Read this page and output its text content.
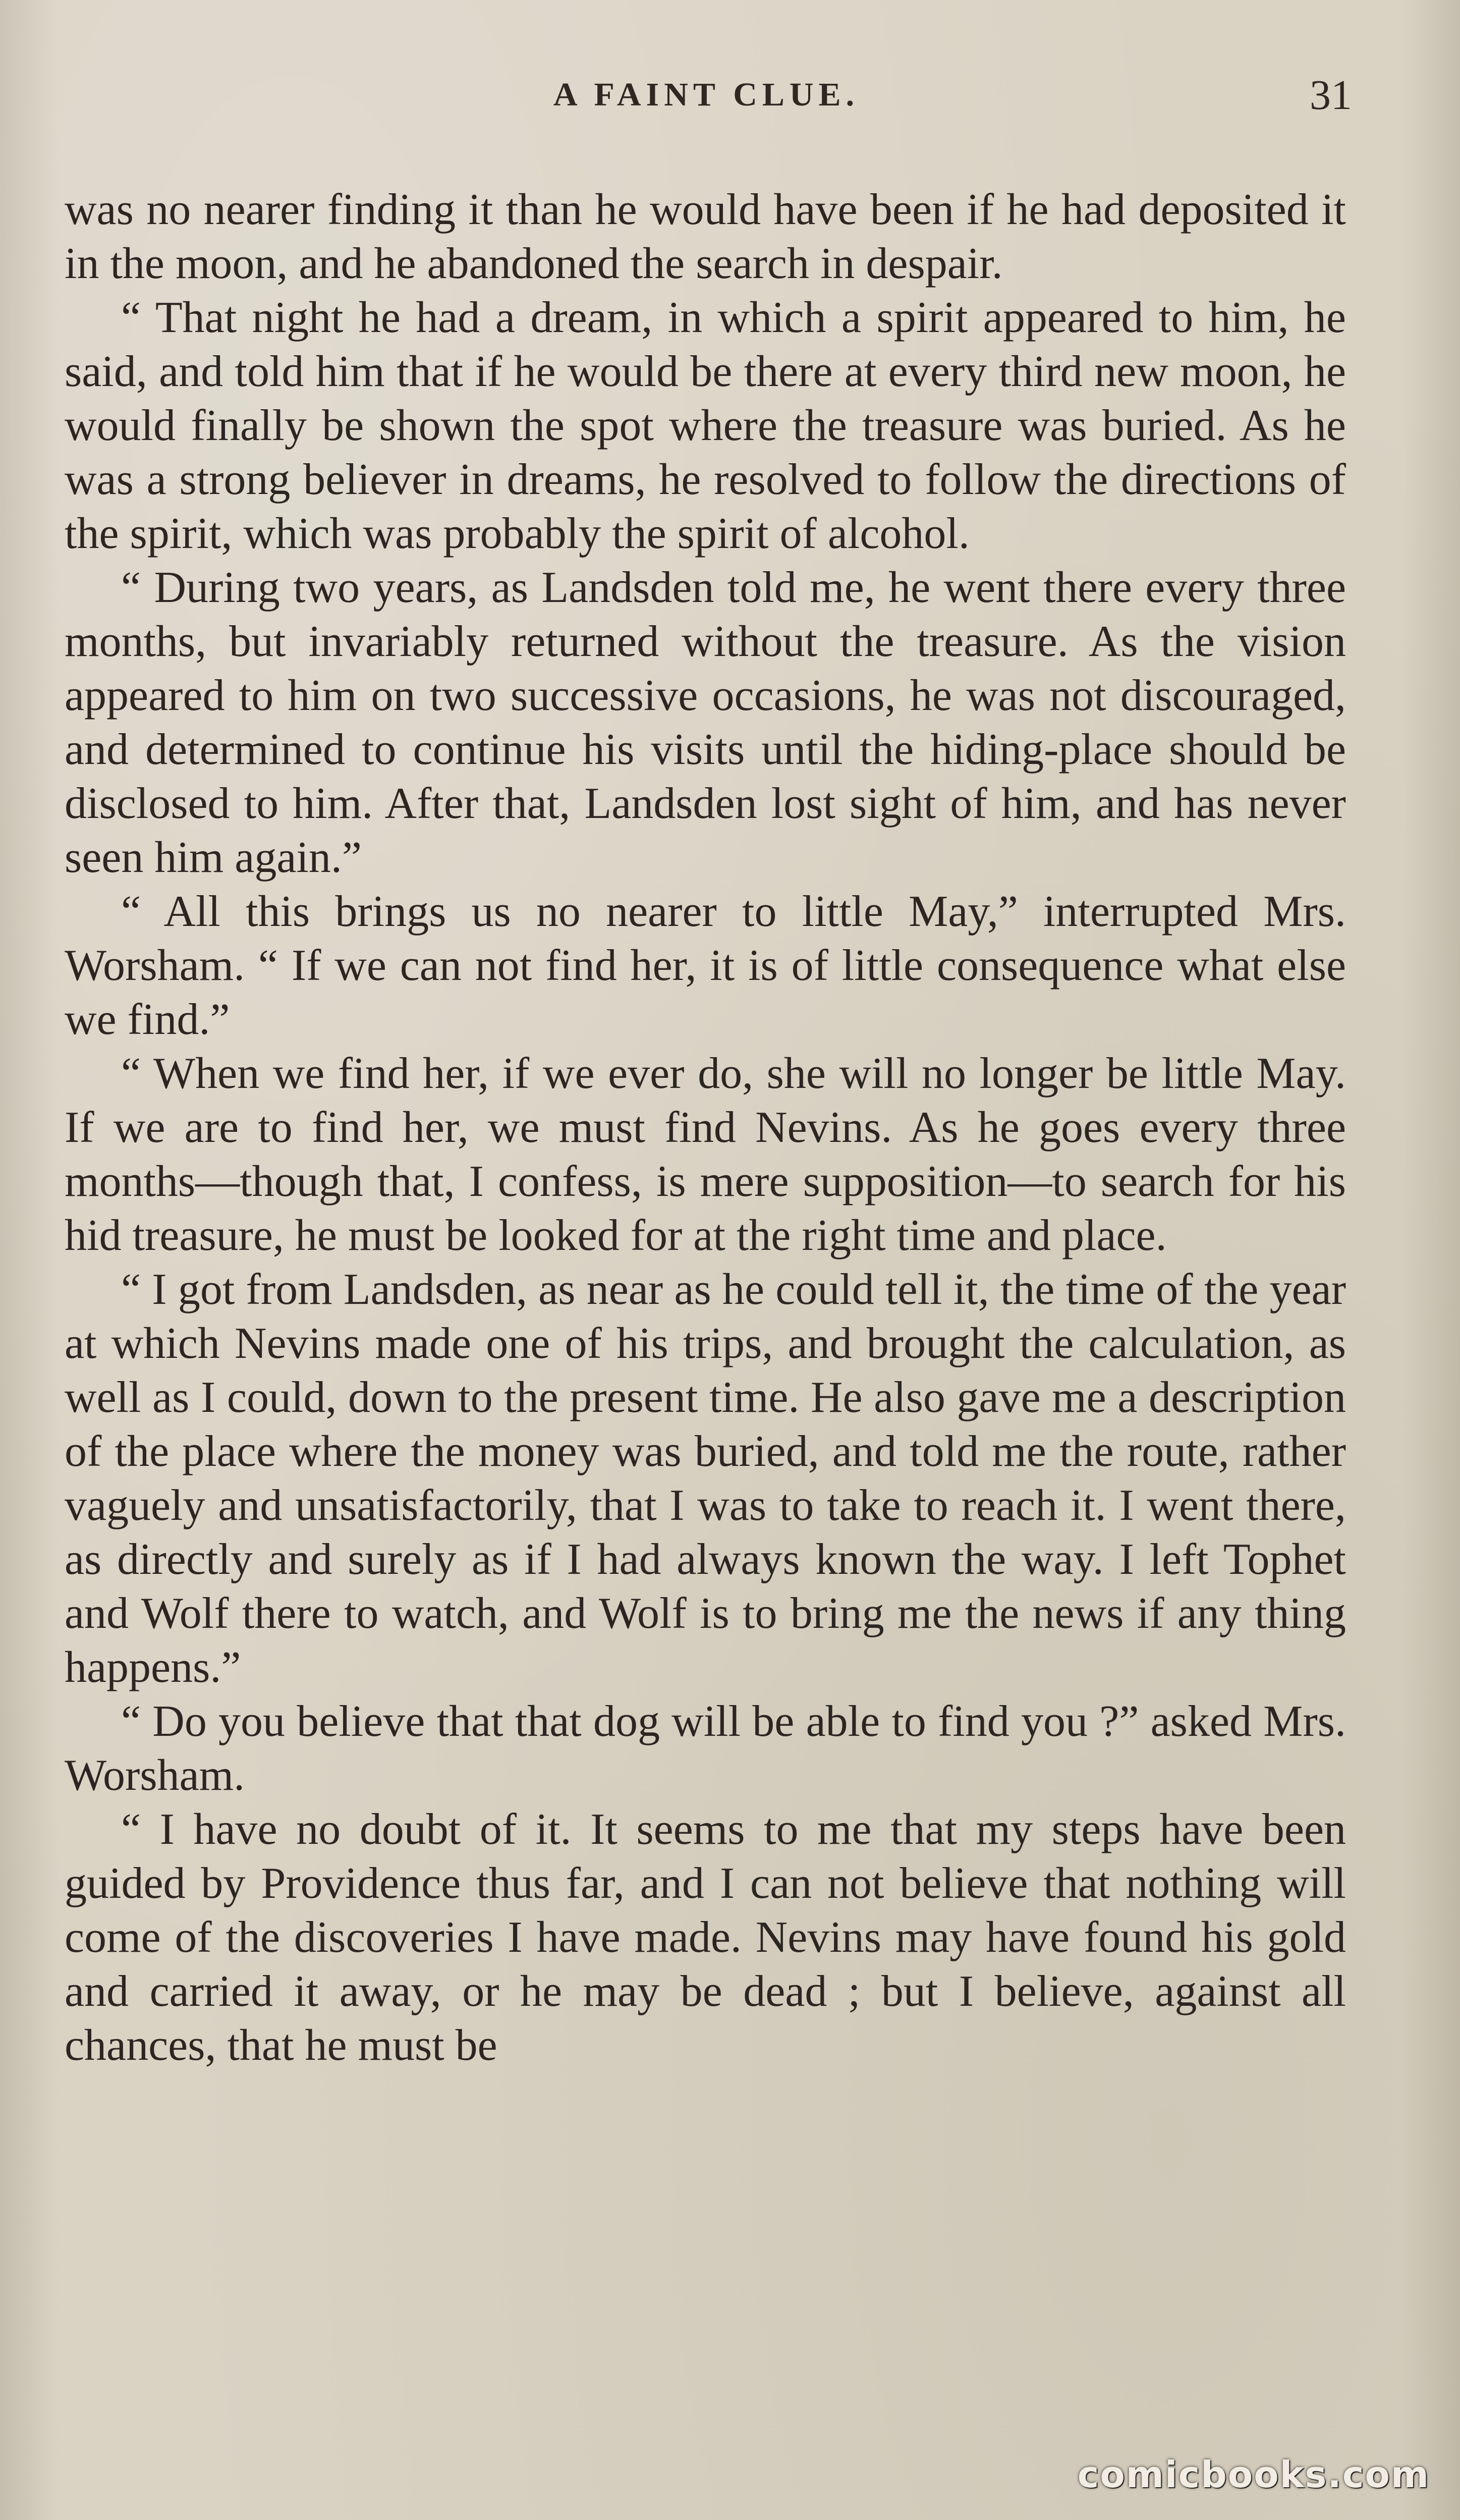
A FAINT CLUE.	31

was no nearer finding it than he would have been if he had deposited it in the moon, and he abandoned the search in despair.

“ That night he had a dream, in which a spirit appeared to him, he said, and told him that if he would be there at every third new moon, he would finally be shown the spot where the treasure was buried. As he was a strong believer in dreams, he resolved to follow the directions of the spirit, which was probably the spirit of alcohol.

“ During two years, as Landsden told me, he went there every three months, but invariably returned without the treasure. As the vision appeared to him on two successive occasions, he was not discouraged, and determined to continue his visits until the hiding-place should be disclosed to him. After that, Landsden lost sight of him, and has never seen him again.”

“ All this brings us no nearer to little May,” interrupted Mrs. Worsham. “ If we can not find her, it is of little consequence what else we find.”

“ When we find her, if we ever do, she will no longer be little May. If we are to find her, we must find Nevins. As he goes every three months—though that, I confess, is mere supposition—to search for his hid treasure, he must be looked for at the right time and place.

“ I got from Landsden, as near as he could tell it, the time of the year at which Nevins made one of his trips, and brought the calculation, as well as I could, down to the present time. He also gave me a description of the place where the money was buried, and told me the route, rather vaguely and unsatisfactorily, that I was to take to reach it. I went there, as directly and surely as if I had always known the way. I left Tophet and Wolf there to watch, and Wolf is to bring me the news if any thing happens.”

“ Do you believe that that dog will be able to find you ?” asked Mrs. Worsham.

“ I have no doubt of it. It seems to me that my steps have been guided by Providence thus far, and I can not believe that nothing will come of the discoveries I have made. Nevins may have found his gold and carried it away, or he may be dead ; but I believe, against all chances, that he must be

comicbooks.com
